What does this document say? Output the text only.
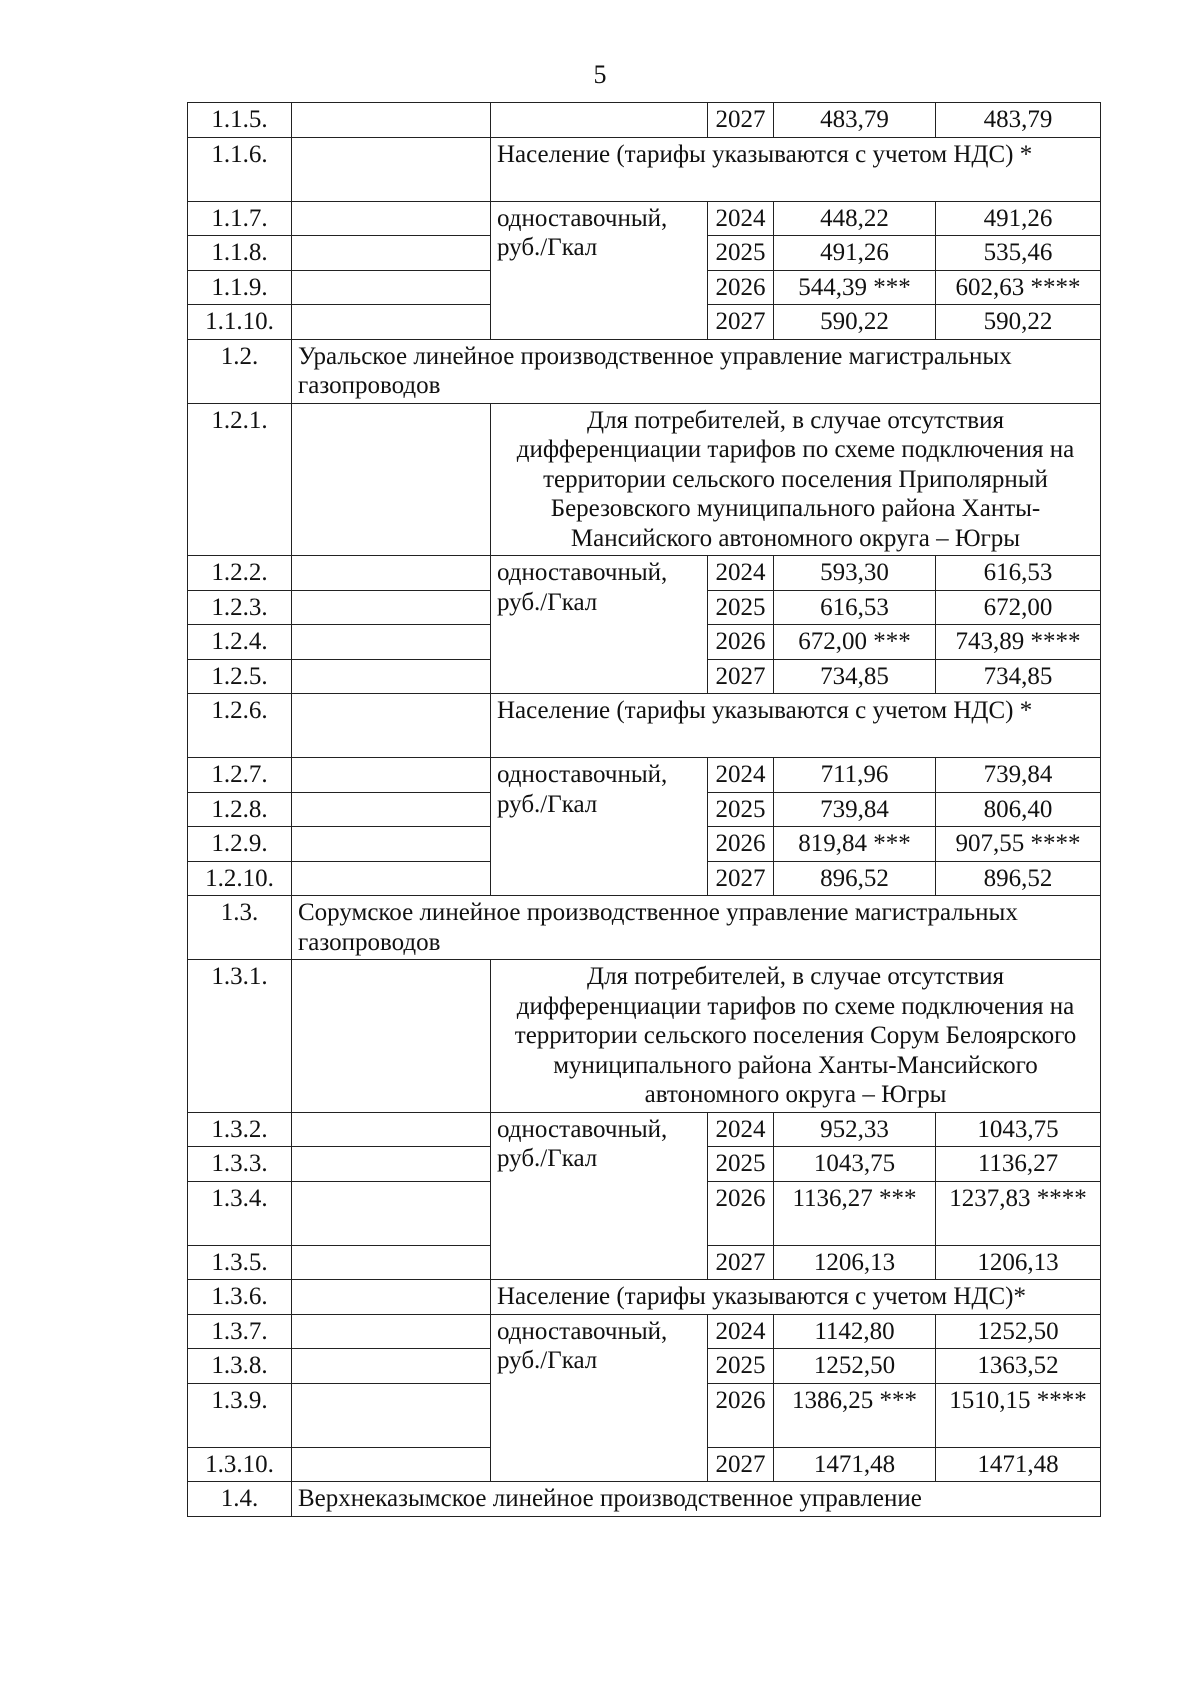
5
1.1.5.			2027	483,79	483,79
1.1.6.		Население (тарифы указываются с учетом НДС) *			
1.1.7.		одноставочный, руб./Гкал	2024	448,22	491,26
1.1.8.			2025	491,26	535,46
1.1.9.			2026	544,39 ***	602,63 ****
1.1.10.			2027	590,22	590,22
1.2.	Уральское линейное производственное управление магистральных газопроводов				
1.2.1.		Для потребителей, в случае отсутствия дифференциации тарифов по схеме подключения на территории сельского поселения Приполярный Березовского муниципального района Ханты-Мансийского автономного округа – Югры			
1.2.2.		одноставочный, руб./Гкал	2024	593,30	616,53
1.2.3.			2025	616,53	672,00
1.2.4.			2026	672,00 ***	743,89 ****
1.2.5.			2027	734,85	734,85
1.2.6.		Население (тарифы указываются с учетом НДС) *			
1.2.7.		одноставочный, руб./Гкал	2024	711,96	739,84
1.2.8.			2025	739,84	806,40
1.2.9.			2026	819,84 ***	907,55 ****
1.2.10.			2027	896,52	896,52
1.3.	Сорумское линейное производственное управление магистральных газопроводов				
1.3.1.		Для потребителей, в случае отсутствия дифференциации тарифов по схеме подключения на территории сельского поселения Сорум Белоярского муниципального района Ханты-Мансийского автономного округа – Югры			
1.3.2.		одноставочный, руб./Гкал	2024	952,33	1043,75
1.3.3.			2025	1043,75	1136,27
1.3.4.			2026	1136,27 ***	1237,83 ****
1.3.5.			2027	1206,13	1206,13
1.3.6.		Население (тарифы указываются с учетом НДС)*			
1.3.7.		одноставочный, руб./Гкал	2024	1142,80	1252,50
1.3.8.			2025	1252,50	1363,52
1.3.9.			2026	1386,25 ***	1510,15 ****
1.3.10.			2027	1471,48	1471,48
1.4.	Верхнеказымское линейное производственное управление				
